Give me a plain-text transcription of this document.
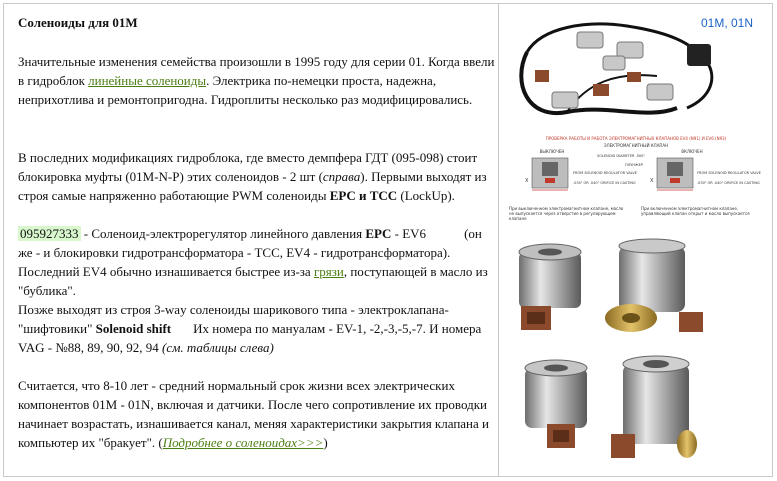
Соленоиды для 01M
Значительные изменения семейства произошли в 1995 году для серии 01. Когда ввели в гидроблок линейные соленоиды. Электрика по-немецки проста, надежна, неприхотлива и ремонтопригодна. Гидроплиты несколько раз модифицировались.
В последних модификациях гидроблока, где вместо демпфера ГДТ (095-098) стоит блокировка муфты (01M-N-P) этих соленоидов - 2 шт (справа). Первыми выходят из строя самые напряженно работающие PWM соленоиды EPC и TCC (LockUp).
095927333 - Соленоид-электрорегулятор линейного давления EPC - EV6	(он же - и блокировки гидротрансформатора - TCC, EV4 - гидротрансформатора). Последний EV4 обычно изнашивается быстрее из-за грязи, поступающей в масло из "бублика".
Позже выходят из строя 3-way соленоиды шарикового типа - электроклапана-"шифтовики" Solenoid shift Их номера по мануалам - EV-1, -2,-3,-5,-7. И номера VAG - №88, 89, 90, 92, 94 (см. таблицы слева)
Считается, что 8-10 лет - средний нормальный срок жизни всех электрических компонентов 01M - 01N, включая и датчики. После чего сопротивление их проводки начинает возрастать, изнашивается канал, меняя характеристики закрытия клапана и компьютер их "бракует". (Подробнее о соленоидах>>>)
01M, 01N
ПРОВЕРКА РАБОТЫ И РАБОТА ЭЛЕКТРОМАГНИТНЫХ КЛАПАНОВ EV4 (N91) И EV6 (N93)
ЭЛЕКТРОМАГНИТНЫЙ КЛАПАН
ВЫКЛЮЧЕН	ВКЛЮЧЕН
SOLENOID DIAMETER .500"
ПЛУНЖЕР
X	X
FROM SOLENOID REGULATOR VALVE	FROM SOLENOID REGULATOR VALVE
.030" OR .040" ORIFICE IN CASTING	.030" OR .040" ORIFICE IN CASTING
При выключенном электромагнитном клапане, масло не выпускается через отверстие в регулирующем клапане
При включенном электромагнитном клапане, управляющий клапан открыт и масло выпускается
